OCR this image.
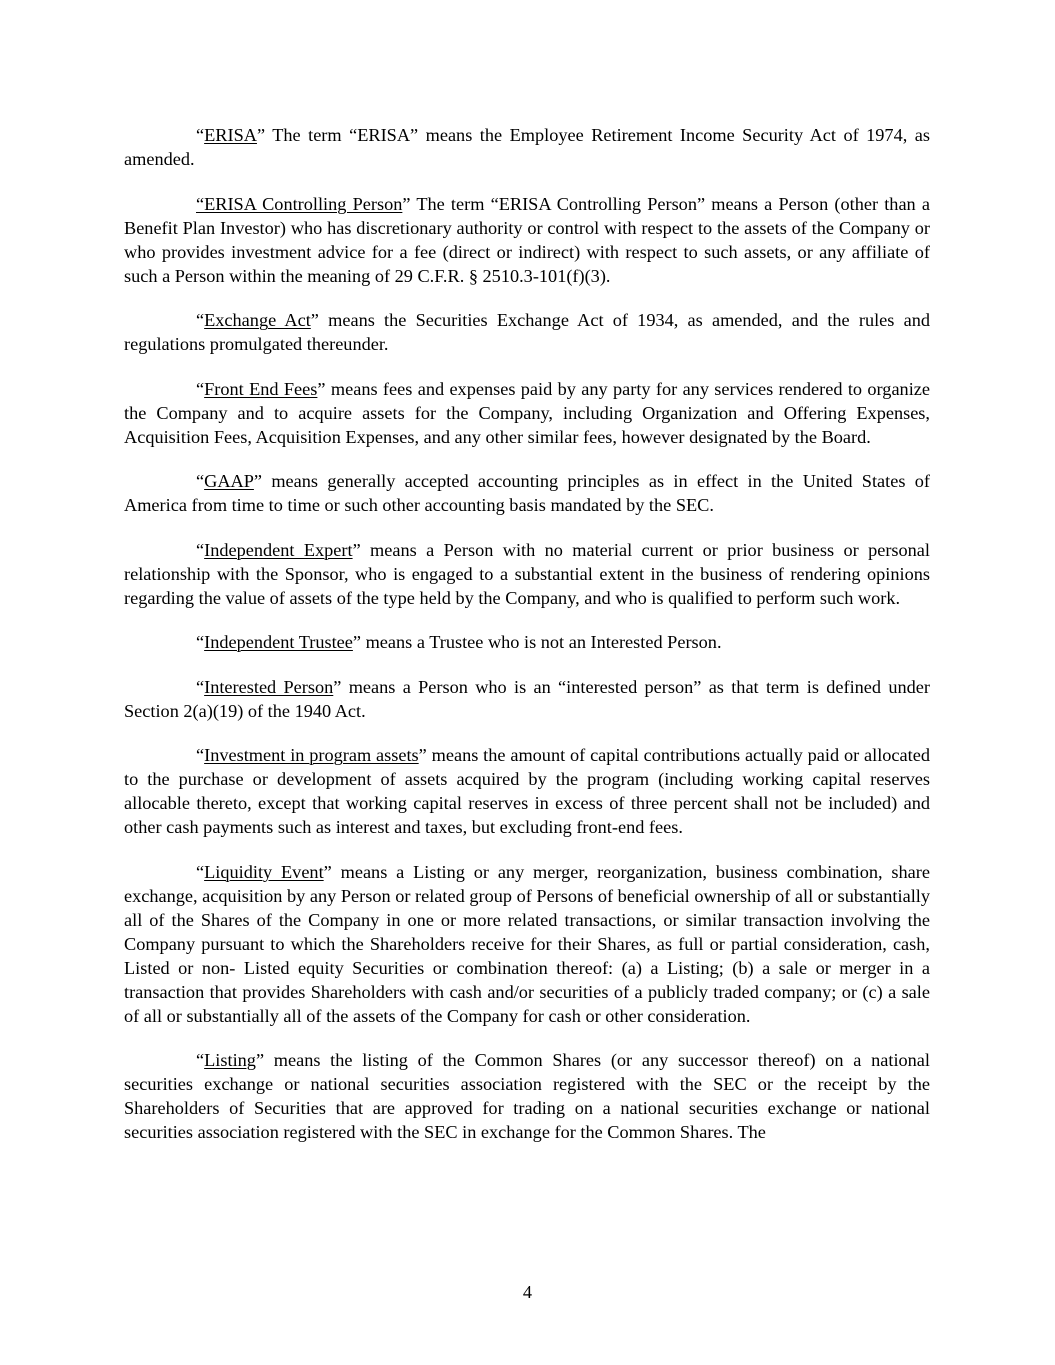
“ERISA” The term “ERISA” means the Employee Retirement Income Security Act of 1974, as amended.

“ERISA Controlling Person” The term “ERISA Controlling Person” means a Person (other than a Benefit Plan Investor) who has discretionary authority or control with respect to the assets of the Company or who provides investment advice for a fee (direct or indirect) with respect to such assets, or any affiliate of such a Person within the meaning of 29 C.F.R. § 2510.3-101(f)(3).

“Exchange Act” means the Securities Exchange Act of 1934, as amended, and the rules and regulations promulgated thereunder.

“Front End Fees” means fees and expenses paid by any party for any services rendered to organize the Company and to acquire assets for the Company, including Organization and Offering Expenses, Acquisition Fees, Acquisition Expenses, and any other similar fees, however designated by the Board.

“GAAP” means generally accepted accounting principles as in effect in the United States of America from time to time or such other accounting basis mandated by the SEC.

“Independent Expert” means a Person with no material current or prior business or personal relationship with the Sponsor, who is engaged to a substantial extent in the business of rendering opinions regarding the value of assets of the type held by the Company, and who is qualified to perform such work.

“Independent Trustee” means a Trustee who is not an Interested Person.

“Interested Person” means a Person who is an “interested person” as that term is defined under Section 2(a)(19) of the 1940 Act.

“Investment in program assets” means the amount of capital contributions actually paid or allocated to the purchase or development of assets acquired by the program (including working capital reserves allocable thereto, except that working capital reserves in excess of three percent shall not be included) and other cash payments such as interest and taxes, but excluding front-end fees.

“Liquidity Event” means a Listing or any merger, reorganization, business combination, share exchange, acquisition by any Person or related group of Persons of beneficial ownership of all or substantially all of the Shares of the Company in one or more related transactions, or similar transaction involving the Company pursuant to which the Shareholders receive for their Shares, as full or partial consideration, cash, Listed or non- Listed equity Securities or combination thereof: (a) a Listing; (b) a sale or merger in a transaction that provides Shareholders with cash and/or securities of a publicly traded company; or (c) a sale of all or substantially all of the assets of the Company for cash or other consideration.

“Listing” means the listing of the Common Shares (or any successor thereof) on a national securities exchange or national securities association registered with the SEC or the receipt by the Shareholders of Securities that are approved for trading on a national securities exchange or national securities association registered with the SEC in exchange for the Common Shares. The

4
